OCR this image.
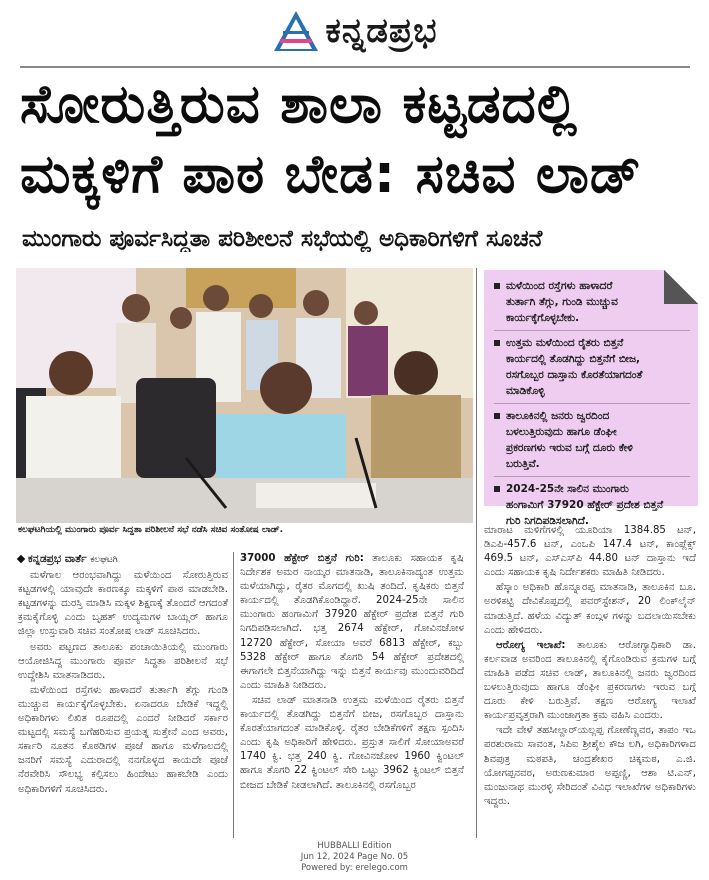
ಕನ್ನಡಪ್ರಭ
ಸೋರುತ್ತಿರುವ ಶಾಲಾ ಕಟ್ಟಡದಲ್ಲಿ
ಮಕ್ಕಳಿಗೆ ಪಾಠ ಬೇಡ: ಸಚಿವ ಲಾಡ್
ಮುಂಗಾರು ಪೂರ್ವಸಿದ್ಧತಾ ಪರಿಶೀಲನೆ ಸಭೆಯಲ್ಲಿ ಅಧಿಕಾರಿಗಳಿಗೆ ಸೂಚನೆ
ಕಲಘಟಗಿಯಲ್ಲಿ ಮುಂಗಾರು ಪೂರ್ವ ಸಿದ್ಧತಾ ಪರಿಶೀಲನೆ ಸಭೆ ನಡೆಸಿ ಸಚಿವ ಸಂತೋಷ ಲಾಡ್.
ಮಳೆಯಿಂದ ರಸ್ತೆಗಳು ಹಾಳಾದರೆ
ತುರ್ತಾಗಿ ತೆಗ್ಗು, ಗುಂಡಿ ಮುಚ್ಚುವ
ಕಾರ್ಯಕ್ಕೆಗೊಳ್ಳಬೇಕು.
ಉತ್ತಮ ಮಳೆಯಿಂದ ರೈತರು ಬಿತ್ತನೆ
ಕಾರ್ಯದಲ್ಲಿ ತೊಡಗಿದ್ದು ಬಿತ್ತನೆಗೆ ಬೀಜ,
ರಸಗೊಬ್ಬರ ದಾಸ್ತಾನು ಕೊರತೆಯಾಗದಂತೆ
ಮಾಡಿಕೊಳ್ಳಿ
ತಾಲೂಕಿನಲ್ಲಿ ಜನರು ಜ್ವರದಿಂದ
ಬಳಲುತ್ತಿರುವುದು ಹಾಗೂ ಡೆಂಘೀ
ಪ್ರಕರಣಗಳು ಇರುವ ಬಗ್ಗೆ ದೂರು ಕೇಳಿ
ಬರುತ್ತಿವೆ.
2024-25ನೇ ಸಾಲಿನ ಮುಂಗಾರು
ಹಂಗಾಮಿಗೆ 37920 ಹೆಕ್ಟೇರ್ ಪ್ರದೇಶ ಬಿತ್ತನೆ
ಗುರಿ ನಿಗದಿಪಡಿಸಲಾಗಿದೆ.
ಕನ್ನಡಪ್ರಭ ವಾರ್ತೆ ಕಲಘಟಗಿ

ಮಳೆಗಾಲ ಆರಂಭವಾಗಿದ್ದು ಮಳೆಯಿಂದ ಸೋರುತ್ತಿರುವ ಕಟ್ಟಡಗಳಲ್ಲಿ ಯಾವುದೇ ಕಾರಣಕ್ಕೂ ಮಕ್ಕಳಿಗೆ ಪಾಠ ಮಾಡಬೇಡಿ. ಕಟ್ಟಡಗಳನ್ನು ದುರಸ್ತಿ ಮಾಡಿಸಿ ಮಕ್ಕಳ ಶಿಕ್ಷಣಕ್ಕೆ ತೊಂದರೆ ಆಗದಂತೆ ಕ್ರಮಕೈಗೊಳ್ಳಿ ಎಂದು ಬೃಹತ್ ಉದ್ಯಮಗಳ ಬಾಯ್ಲರ್ ಹಾಗೂ ಜಿಲ್ಲಾ ಉಸ್ತುವಾರಿ ಸಚಿವ ಸಂತೋಷ ಲಾಡ್ ಸೂಚಿಸಿದರು.

ಅವರು ಪಟ್ಟಣದ ತಾಲೂಕು ಪಂಚಾಯಿತಿಯಲ್ಲಿ ಮುಂಗಾರು ಆಯೋಜಿಸಿದ್ದ ಮುಂಗಾರು ಪೂರ್ವ ಸಿದ್ಧತಾ ಪರಿಶೀಲನೆ ಸಭೆ ಉದ್ದೇಶಿಸಿ ಮಾತನಾಡಿದರು.

ಮಳೆಯಿಂದ ರಸ್ತೆಗಳು ಹಾಳಾದರೆ ತುರ್ತಾಗಿ ತೆಗ್ಗು ಗುಂಡಿ ಮುಚ್ಚುವ ಕಾರ್ಯಕ್ಕೆಗೊಳ್ಳಬೇಕು. ಏನಾದರೂ ಬೇಡಿಕೆ ಇದ್ದಲ್ಲಿ ಅಧಿಕಾರಿಗಳು ಲಿಖಿತ ರೂಪದಲ್ಲಿ ಎಂದರೆ ನೀಡಿದರೆ ಸರ್ಕಾರ ಮಟ್ಟದಲ್ಲಿ ಸಮಸ್ಯೆ ಬಗೆಹರಿಸುವ ಪ್ರಯತ್ನ ಸುತ್ತೇನೆ ಎಂದ ಅವರು, ಸರ್ಕಾರಿ ನೂತನ ಕೊಠಡಿಗಳ ಪೂಜೆ ಹಾಗೂ ಮಳೆಗಾಲದಲ್ಲಿ ಜನರಿಗೆ ಸಮಸ್ಯೆ ಎದುರಾದಲ್ಲಿ ನನಗೊಳ್ಳದ ಕಾಯದೇ ಪೂಜೆ ನೆರವೇರಿಸಿ ಸೌಲಭ್ಯ ಕಲ್ಪಿಸಲು ಹಿಂದೇಟು ಹಾಕಬೇಡಿ ಎಂದು ಅಧಿಕಾರಿಗಳಿಗೆ ಸೂಚಿಸಿದರು.

37000 ಹೆಕ್ಟೇರ್ ಬಿತ್ತನೆ ಗುರಿ: ತಾಲೂಕು ಸಹಾಯಕ ಕೃಷಿ ನಿರ್ದೇಶಕ ಅಮರ ನಾಯ್ಕರ ಮಾತನಾಡಿ, ತಾಲೂಕಿನಾದ್ಯಂತ ಉತ್ತಮ ಮಳೆಯಾಗಿದ್ದು, ರೈತರ ಮೊಗದಲ್ಲಿ ಖುಷಿ ತಂದಿದೆ. ಕೃಷಿಕರು ಬಿತ್ತನೆ ಕಾರ್ಯದಲ್ಲಿ ತೊಡಗಿಕೊಂಡಿದ್ದಾರೆ. 2024-25ನೇ ಸಾಲಿನ ಮುಂಗಾರು ಹಂಗಾಮಿಗೆ 37920 ಹೆಕ್ಟೇರ್ ಪ್ರದೇಶ ಬಿತ್ತನೆ ಗುರಿ ನಿಗದಿಪಡಿಸಲಾಗಿದೆ. ಭತ್ತ 2674 ಹೆಕ್ಟೇರ್, ಗೋವಿನಜೋಳ 12720 ಹೆಕ್ಟೇರ್, ಸೋಯಾ ಅವರೆ 6813 ಹೆಕ್ಟೇರ್, ಕಬ್ಬು 5328 ಹೆಕ್ಟೇರ್ ಹಾಗೂ ತೊಗರಿ 54 ಹೆಕ್ಟೇರ್ ಪ್ರದೇಶದಲ್ಲಿ ಈಗಾಗಲೇ ಬಿತ್ತನೆಯಾಗಿದ್ದು ಇನ್ನು ಬಿತ್ತನೆ ಕಾರ್ಯವು ಮುಂದುವರಿದಿದೆ ಎಂದು ಮಾಹಿತಿ ನೀಡಿದರು.

ಸಚಿವ ಲಾಡ್ ಮಾತನಾಡಿ ಉತ್ತಮ ಮಳೆಯಿಂದ ರೈತರು ಬಿತ್ತನೆ ಕಾರ್ಯದಲ್ಲಿ ತೊಡಗಿದ್ದು ಬಿತ್ತನೆಗೆ ಬೀಜ, ರಸಗೊಬ್ಬರ ದಾಸ್ತಾನು ಕೊರತೆಯಾಗದಂತೆ ಮಾಡಿಕೊಳ್ಳಿ. ರೈತರ ಬೇಡಿಕೆಗಳಿಗೆ ತಕ್ಷಣ ಸ್ಪಂದಿಸಿ ಎಂದು ಕೃಷಿ ಅಧಿಕಾರಿಗೆ ಹೇಳಿದರು. ಪ್ರಸ್ತುತ ಸಾಲಿಗೆ ಸೋಯಾಅವರೆ 1740 ಕ್ವಿ. ಭತ್ತ 240 ಕ್ವಿ. ಗೋವಿನಜೋಳ 1960 ಕ್ವಿಂಟಲ್ ಹಾಗೂ ತೊಗರಿ 22 ಕ್ವಿಂಟಲ್ ಸೇರಿ ಒಟ್ಟು 3962 ಕ್ವಿಂಟಲ್ ಬಿತ್ತನೆ ಬೀಜದ ಬೇಡಿಕೆ ನೀಡಲಾಗಿದೆ. ತಾಲೂಕಿನಲ್ಲಿ ರಸಗೊಬ್ಬರ

ಮಾರಾಟ ಮಳಿಗೆಗಳಲ್ಲಿ ಯೂರಿಯಾ 1384.85 ಟನ್, ಡಿಎಪಿ-457.6 ಟನ್, ಎಂಒಪಿ 147.4 ಟನ್, ಕಾಂಪ್ಲೆಕ್ಸ್ 469.5 ಟನ್, ಎಸ್‌ಎಸ್‌ಪಿ 44.80 ಟನ್ ದಾಸ್ತಾನು ಇದೆ ಎಂದು ಸಹಾಯಕ ಕೃಷಿ ನಿರ್ದೇಶಕರು ಮಾಹಿತಿ ನೀಡಿದರು.

ಹೆಸ್ಕಾಂ ಅಧಿಕಾರಿ ಹೊನ್ನೂರಪ್ಪ ಮಾತನಾಡಿ, ತಾಲೂಕಿನ ಬೂ. ಅರಳಿಕಟ್ಟಿ ದೇವಿಕೊಪ್ಪದಲ್ಲಿ ಪವರ್‌ಸ್ಟೇಶನ್, 20 ಲಿಂಕ್‌ಲೈನ್ ಮಾಡುತ್ತಿದೆ. ಹಳೆಯ ವಿದ್ಯುತ್ ಕಂಬ್ಗಳ ಗಳನ್ನು ಬದಲಾಯಿಸಬೇಕು ಎಂದು ಹೇಳಿದರು.

ಆರೋಗ್ಯ ಇಲಾಖೆ: ತಾಲೂಕು ಆರೋಗ್ಯಾಧಿಕಾರಿ ಡಾ. ಕರ್ಲವಾಡ ಅವರಿಂದ ತಾಲೂಕಿನಲ್ಲಿ ಕೈಗೊಂಡಿರುವ ಕ್ರಮಗಳ ಬಗ್ಗೆ ಮಾಹಿತಿ ಪಡೆದ ಸಚಿವ ಲಾಡ್, ತಾಲೂಕಿನಲ್ಲಿ ಜನರು ಜ್ವರದಿಂದ ಬಳಲುತ್ತಿರುವುದು ಹಾಗೂ ಡೆಂಘೀ ಪ್ರಕರಣಗಳು ಇರುವ ಬಗ್ಗೆ ದೂರು ಕೇಳಿ ಬರುತ್ತಿವೆ. ತಕ್ಷಣ ಆರೋಗ್ಯ ಇಲಾಖೆ ಕಾರ್ಯಪ್ರವೃತ್ತರಾಗಿ ಮುಂಜಾಗ್ರತಾ ಕ್ರಮ ವಹಿಸಿ ಎಂದರು.

ಇದೇ ವೇಳೆ ತಹಸೀಲ್ದಾರ್‌ಯಲ್ಲಪ್ಪ ಗೋಣೆಣ್ಣವರ, ತಾಪಂ ಇಒ ಪರಶುರಾಮ ಸಾವಂತ, ಸಿಪಿಐ ಶ್ರೀಶೈಲ ಕೌಜ ಲಗಿ, ಅಧಿಕಾರಿಗಳಾದ ಶಿವಪುತ್ರ ಮಠಪತಿ, ಚಂದ್ರಶೇಖರ ಚಿಕ್ಕಮಠ, ಎ.ಜಿ. ಯೋಗಪ್ಪನವರ, ಅರುಣಕುಮಾರ ಅಪ್ಪಣ್ಣಿ, ಆಶಾ ಟಿ.ಎನ್, ಮಂಜುನಾಥ ಮುರಳ್ಳಿ ಸೇರಿದಂತೆ ವಿವಿಧ ಇಲಾಖೆಗಳ ಅಧಿಕಾರಿಗಳು ಇದ್ದರು.

HUBBALLI Edition
Jun 12, 2024 Page No. 05
Powered by: erelego.com
